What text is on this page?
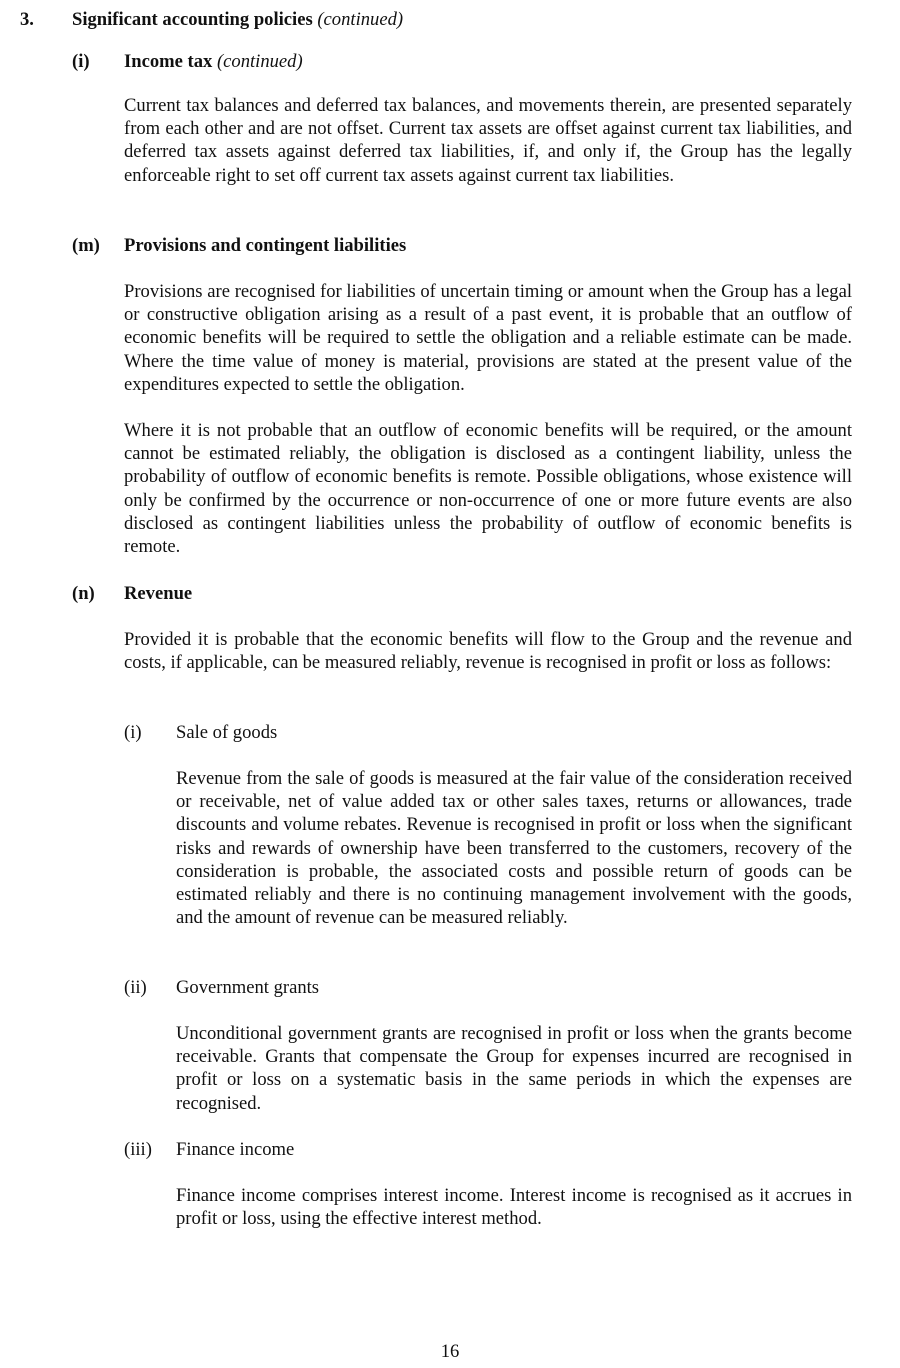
3. Significant accounting policies (continued)
(i) Income tax (continued)
Current tax balances and deferred tax balances, and movements therein, are presented separately from each other and are not offset. Current tax assets are offset against current tax liabilities, and deferred tax assets against deferred tax liabilities, if, and only if, the Group has the legally enforceable right to set off current tax assets against current tax liabilities.
(m) Provisions and contingent liabilities
Provisions are recognised for liabilities of uncertain timing or amount when the Group has a legal or constructive obligation arising as a result of a past event, it is probable that an outflow of economic benefits will be required to settle the obligation and a reliable estimate can be made. Where the time value of money is material, provisions are stated at the present value of the expenditures expected to settle the obligation.
Where it is not probable that an outflow of economic benefits will be required, or the amount cannot be estimated reliably, the obligation is disclosed as a contingent liability, unless the probability of outflow of economic benefits is remote. Possible obligations, whose existence will only be confirmed by the occurrence or non-occurrence of one or more future events are also disclosed as contingent liabilities unless the probability of outflow of economic benefits is remote.
(n) Revenue
Provided it is probable that the economic benefits will flow to the Group and the revenue and costs, if applicable, can be measured reliably, revenue is recognised in profit or loss as follows:
(i) Sale of goods
Revenue from the sale of goods is measured at the fair value of the consideration received or receivable, net of value added tax or other sales taxes, returns or allowances, trade discounts and volume rebates. Revenue is recognised in profit or loss when the significant risks and rewards of ownership have been transferred to the customers, recovery of the consideration is probable, the associated costs and possible return of goods can be estimated reliably and there is no continuing management involvement with the goods, and the amount of revenue can be measured reliably.
(ii) Government grants
Unconditional government grants are recognised in profit or loss when the grants become receivable. Grants that compensate the Group for expenses incurred are recognised in profit or loss on a systematic basis in the same periods in which the expenses are recognised.
(iii) Finance income
Finance income comprises interest income. Interest income is recognised as it accrues in profit or loss, using the effective interest method.
16
